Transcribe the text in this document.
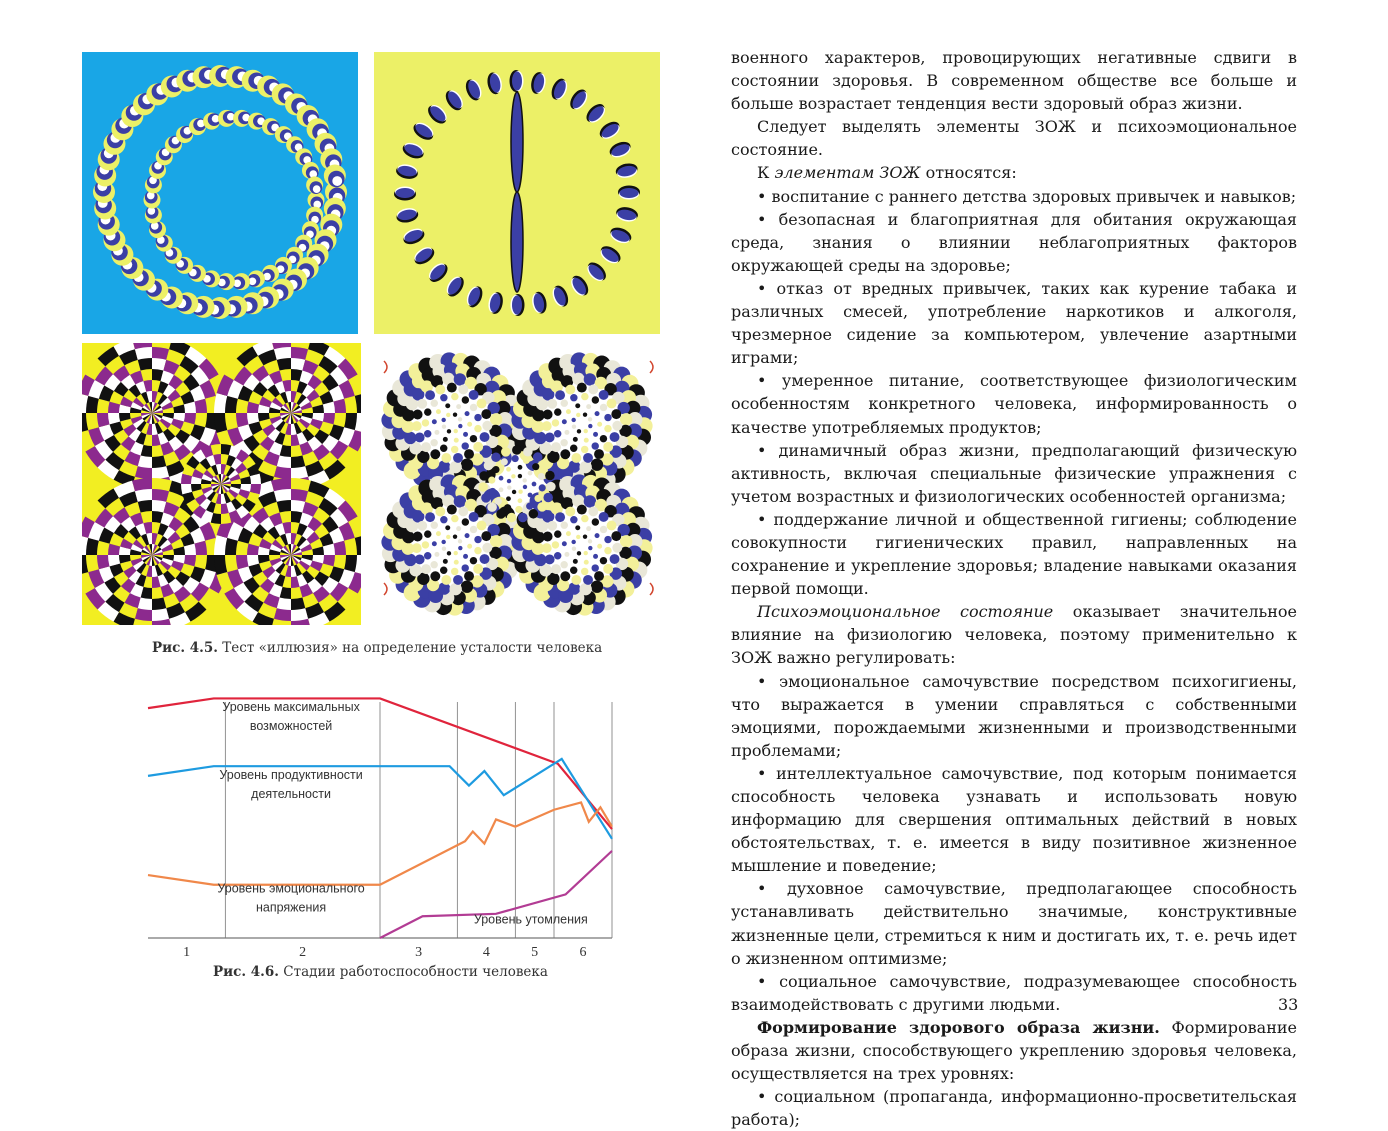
Рис. 4.5. Тест «иллюзия» на определение усталости человека
1	2	3	4	5	6
Уровень максимальных
возможностей
Уровень продуктивности
деятельности
Уровень эмоционального
напряжения
Уровень утомления
Рис. 4.6. Стадии работоспособности человека

военного характеров, провоцирующих негативные сдвиги в состоянии здоровья. В современном обществе все больше и больше возрастает тенденция вести здоровый образ жизни.

Следует выделять элементы ЗОЖ и психоэмоциональное состояние.

К элементам ЗОЖ относятся:

• воспитание с раннего детства здоровых привычек и навыков;

• безопасная и благоприятная для обитания окружающая среда, знания о влиянии неблагоприятных факторов окружающей среды на здоровье;

• отказ от вредных привычек, таких как курение табака и различных смесей, употребление наркотиков и алкоголя, чрезмерное сидение за компьютером, увлечение азартными играми;

• умеренное питание, соответствующее физиологическим особенностям конкретного человека, информированность о качестве употребляемых продуктов;

• динамичный образ жизни, предполагающий физическую активность, включая специальные физические упражнения с учетом возрастных и физиологических особенностей организма;

• поддержание личной и общественной гигиены; соблюдение совокупности гигиенических правил, направленных на сохранение и укрепление здоровья; владение навыками оказания первой помощи.

Психоэмоциональное состояние оказывает значительное влияние на физиологию человека, поэтому применительно к ЗОЖ важно регулировать:

• эмоциональное самочувствие посредством психогигиены, что выражается в умении справляться с собственными эмоциями, порождаемыми жизненными и производственными проблемами;

• интеллектуальное самочувствие, под которым понимается способность человека узнавать и использовать новую информацию для свершения оптимальных действий в новых обстоятельствах, т. е. имеется в виду позитивное жизненное мышление и поведение;

• духовное самочувствие, предполагающее способность устанавливать действительно значимые, конструктивные жизненные цели, стремиться к ним и достигать их, т. е. речь идет о жизненном оптимизме;

• социальное самочувствие, подразумевающее способность взаимодействовать с другими людьми.

Формирование здорового образа жизни. Формирование образа жизни, способствующего укреплению здоровья человека, осуществляется на трех уровнях:

• социальном (пропаганда, информационно-просветительская работа);

33
